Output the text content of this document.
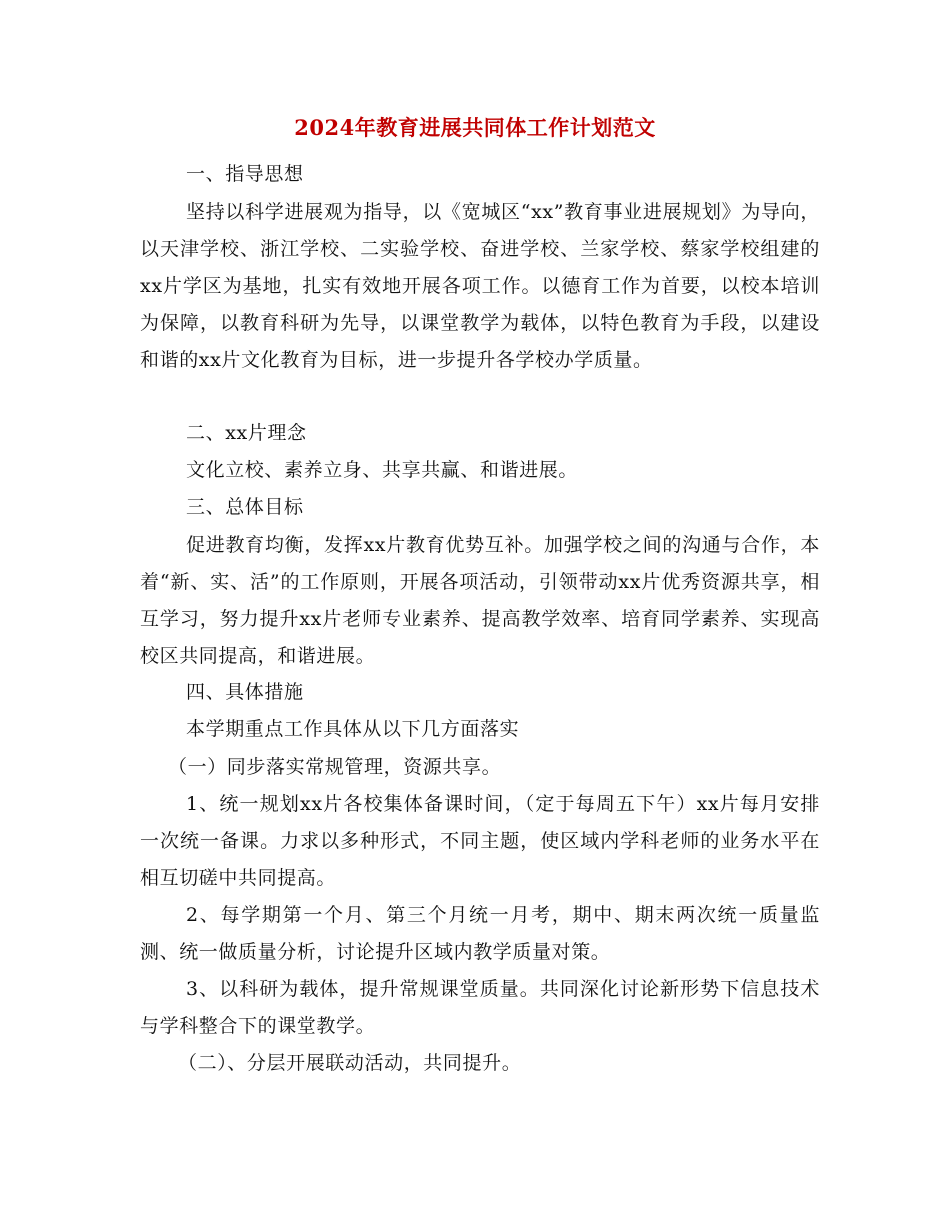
2024年教育进展共同体工作计划范文
一、指导思想
坚持以科学进展观为指导，以《宽城区“xx”教育事业进展规划》为导向，以天津学校、浙江学校、二实验学校、奋进学校、兰家学校、蔡家学校组建的xx片学区为基地，扎实有效地开展各项工作。以德育工作为首要，以校本培训为保障，以教育科研为先导，以课堂教学为载体，以特色教育为手段，以建设和谐的xx片文化教育为目标，进一步提升各学校办学质量。
二、xx片理念
文化立校、素养立身、共享共赢、和谐进展。
三、总体目标
促进教育均衡，发挥xx片教育优势互补。加强学校之间的沟通与合作，本着“新、实、活”的工作原则，开展各项活动，引领带动xx片优秀资源共享，相互学习，努力提升xx片老师专业素养、提高教学效率、培育同学素养、实现高校区共同提高，和谐进展。
四、具体措施
本学期重点工作具体从以下几方面落实
（一）同步落实常规管理，资源共享。
1、统一规划xx片各校集体备课时间，（定于每周五下午）xx片每月安排一次统一备课。力求以多种形式，不同主题，使区域内学科老师的业务水平在相互切磋中共同提高。
2、每学期第一个月、第三个月统一月考，期中、期末两次统一质量监测、统一做质量分析，讨论提升区域内教学质量对策。
3、以科研为载体，提升常规课堂质量。共同深化讨论新形势下信息技术与学科整合下的课堂教学。
（二）、分层开展联动活动，共同提升。
